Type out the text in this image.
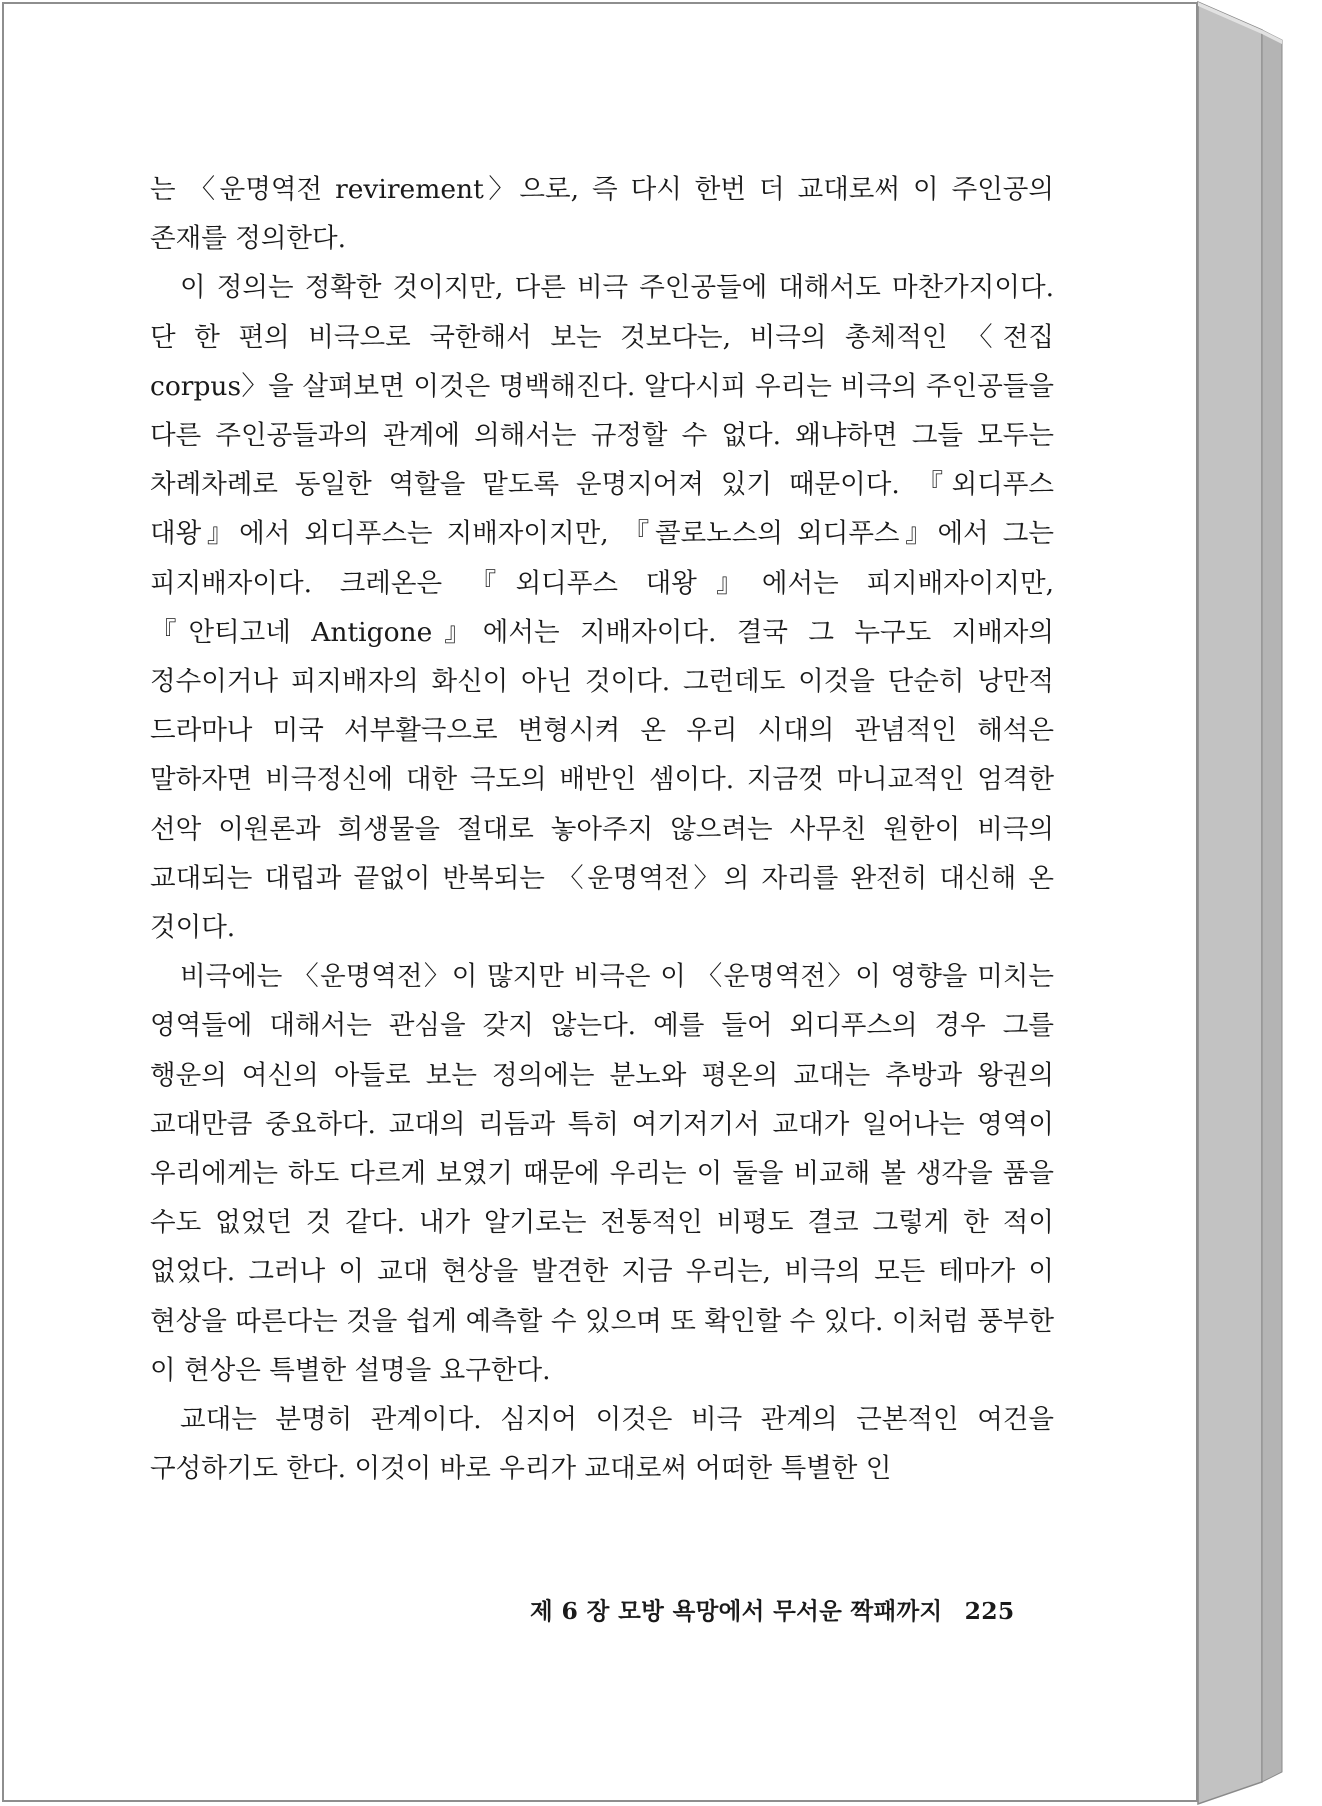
는 〈운명역전 revirement〉으로, 즉 다시 한번 더 교대로써 이 주인공의 존재를 정의한다.

이 정의는 정확한 것이지만, 다른 비극 주인공들에 대해서도 마찬가지이다. 단 한 편의 비극으로 국한해서 보는 것보다는, 비극의 총체적인 〈전집 corpus〉을 살펴보면 이것은 명백해진다. 알다시피 우리는 비극의 주인공들을 다른 주인공들과의 관계에 의해서는 규정할 수 없다. 왜냐하면 그들 모두는 차례차례로 동일한 역할을 맡도록 운명지어져 있기 때문이다. 『외디푸스 대왕』에서 외디푸스는 지배자이지만, 『콜로노스의 외디푸스』에서 그는 피지배자이다. 크레온은 『외디푸스 대왕』에서는 피지배자이지만, 『안티고네 Antigone』에서는 지배자이다. 결국 그 누구도 지배자의 정수이거나 피지배자의 화신이 아닌 것이다. 그런데도 이것을 단순히 낭만적 드라마나 미국 서부활극으로 변형시켜 온 우리 시대의 관념적인 해석은 말하자면 비극정신에 대한 극도의 배반인 셈이다. 지금껏 마니교적인 엄격한 선악 이원론과 희생물을 절대로 놓아주지 않으려는 사무친 원한이 비극의 교대되는 대립과 끝없이 반복되는 〈운명역전〉의 자리를 완전히 대신해 온 것이다.

비극에는 〈운명역전〉이 많지만 비극은 이 〈운명역전〉이 영향을 미치는 영역들에 대해서는 관심을 갖지 않는다. 예를 들어 외디푸스의 경우 그를 행운의 여신의 아들로 보는 정의에는 분노와 평온의 교대는 추방과 왕권의 교대만큼 중요하다. 교대의 리듬과 특히 여기저기서 교대가 일어나는 영역이 우리에게는 하도 다르게 보였기 때문에 우리는 이 둘을 비교해 볼 생각을 품을 수도 없었던 것 같다. 내가 알기로는 전통적인 비평도 결코 그렇게 한 적이 없었다. 그러나 이 교대 현상을 발견한 지금 우리는, 비극의 모든 테마가 이 현상을 따른다는 것을 쉽게 예측할 수 있으며 또 확인할 수 있다. 이처럼 풍부한 이 현상은 특별한 설명을 요구한다.

교대는 분명히 관계이다. 심지어 이것은 비극 관계의 근본적인 여건을 구성하기도 한다. 이것이 바로 우리가 교대로써 어떠한 특별한 인

제 6 장 모방 욕망에서 무서운 짝패까지 225
